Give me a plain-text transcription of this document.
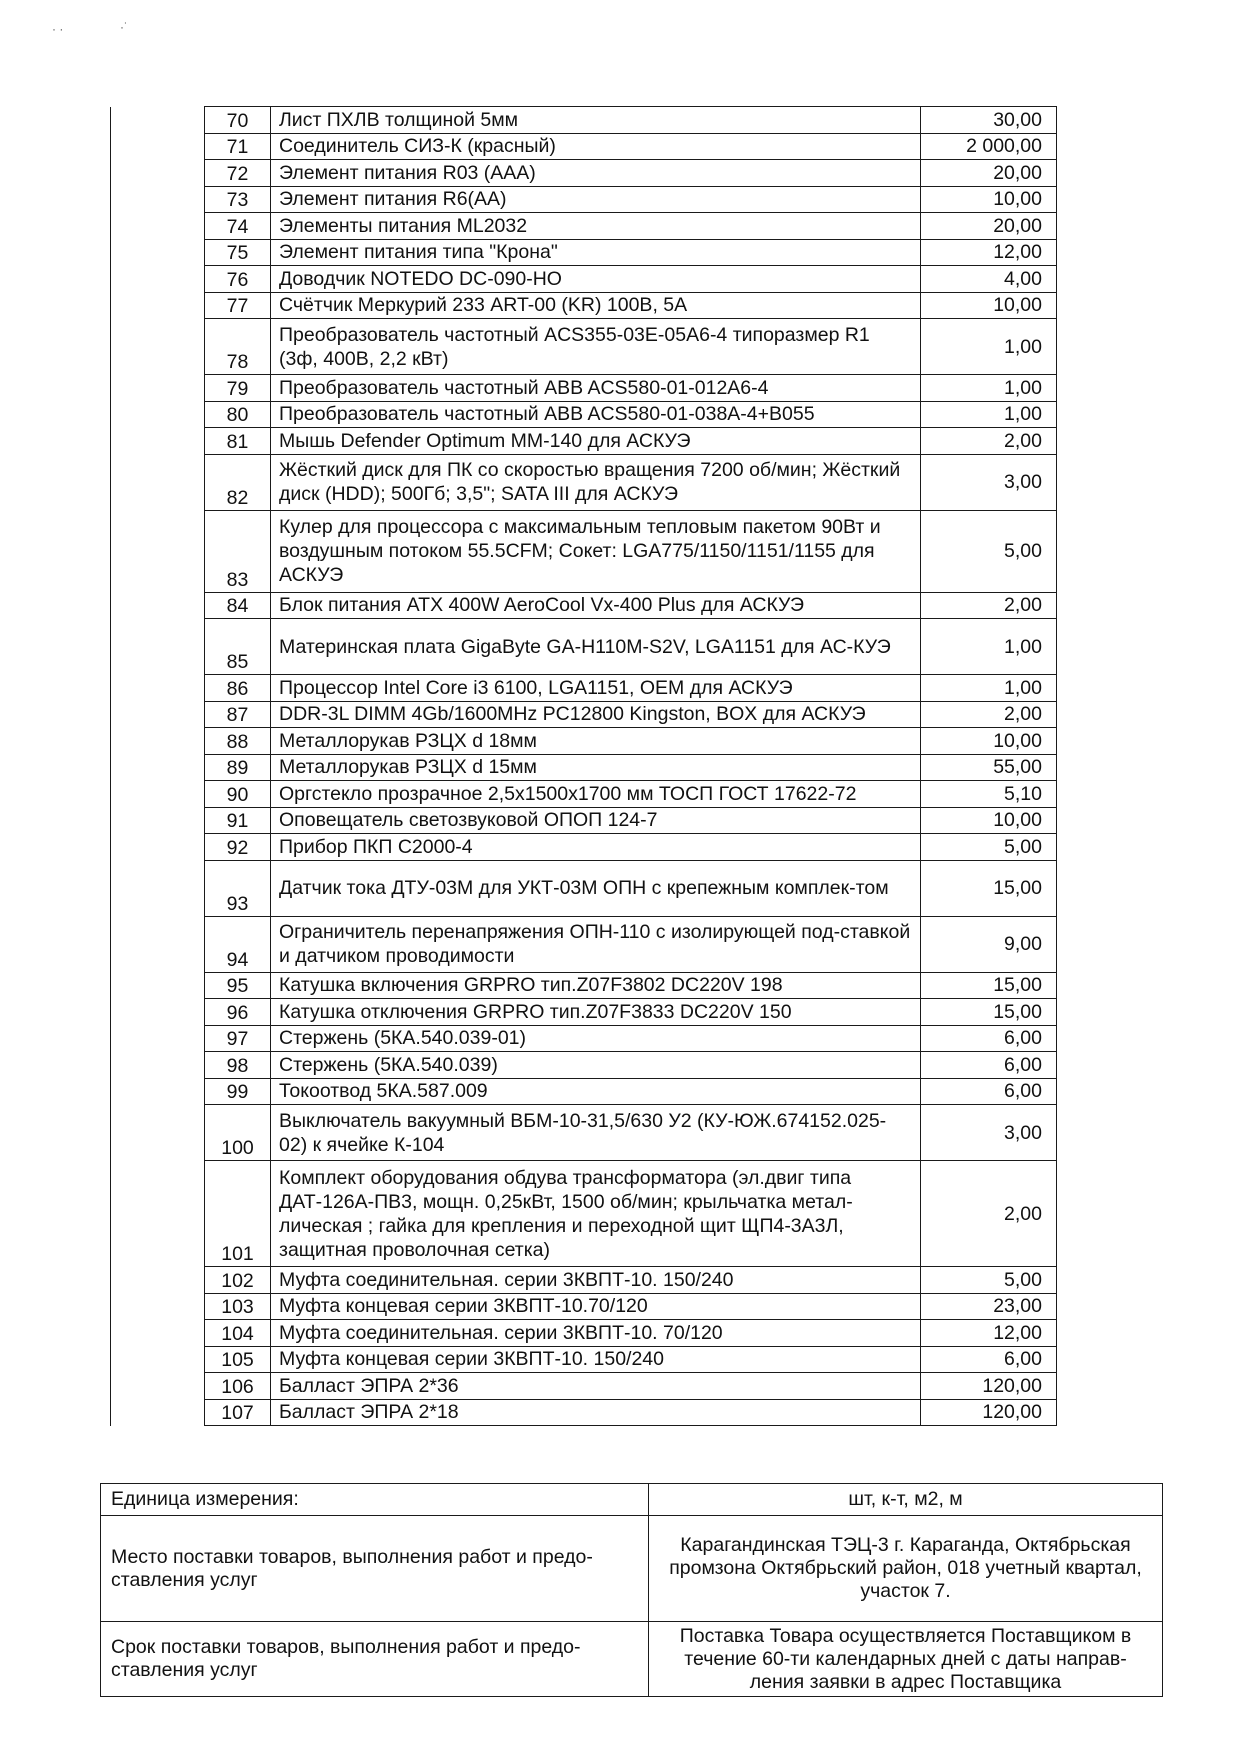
· ·	·˙
	70	Лист ПХЛВ толщиной 5мм	30,00	
	71	Соединитель СИЗ-К (красный)	2 000,00	
	72	Элемент питания R03 (ААА)	20,00	
	73	Элемент питания R6(АА)	10,00	
	74	Элементы питания ML2032	20,00	
	75	Элемент питания типа "Крона"	12,00	
	76	Доводчик NOTEDO DC-090-НО	4,00	
	77	Счётчик Меркурий 233 ART-00 (KR) 100В, 5А	10,00	
	78	Преобразователь частотный ACS355-03E-05A6-4 типоразмер R1 (3ф, 400В, 2,2 кВт)	1,00	
	79	Преобразователь частотный ABB ACS580-01-012A6-4	1,00	
	80	Преобразователь частотный ABB ACS580-01-038A-4+B055	1,00	
	81	Мышь Defender Optimum MM-140 для АСКУЭ	2,00	
	82	Жёсткий диск для ПК со скоростью вращения 7200 об/мин; Жёсткий диск (HDD); 500Гб; 3,5"; SATA III для АСКУЭ	3,00	
	83	Кулер для процессора с максимальным тепловым пакетом 90Вт и воздушным потоком 55.5CFM; Сокет: LGA775/1150/1151/1155 для АСКУЭ	5,00	
	84	Блок питания ATX 400W AeroCool Vx-400 Plus для АСКУЭ	2,00	
	85	Материнская плата GigaByte GA-H110M-S2V, LGA1151 для АС-КУЭ	1,00	
	86	Процессор Intel Core i3 6100, LGA1151, OEM для АСКУЭ	1,00	
	87	DDR-3L DIMM 4Gb/1600MHz PC12800 Kingston, BOX для АСКУЭ	2,00	
	88	Металлорукав РЗЦХ d 18мм	10,00	
	89	Металлорукав РЗЦХ d 15мм	55,00	
	90	Оргстекло прозрачное 2,5х1500х1700 мм ТОСП ГОСТ 17622-72	5,10	
	91	Оповещатель светозвуковой ОПОП 124-7	10,00	
	92	Прибор ПКП С2000-4	5,00	
	93	Датчик тока ДТУ-03М для УКТ-03М ОПН с крепежным комплек-том	15,00	
	94	Ограничитель перенапряжения ОПН-110 с изолирующей под-ставкой и датчиком проводимости	9,00	
	95	Катушка включения GRPRO тип.Z07F3802 DC220V 198	15,00	
	96	Катушка отключения GRPRO тип.Z07F3833 DC220V 150	15,00	
	97	Стержень (5КА.540.039-01)	6,00	
	98	Стержень (5КА.540.039)	6,00	
	99	Токоотвод 5КА.587.009	6,00	
	100	Выключатель вакуумный ВБМ-10-31,5/630 У2 (КУ-ЮЖ.674152.025-02) к ячейке К-104	3,00	
	101	Комплект оборудования обдува трансформатора (эл.двиг типа ДАТ-126А-ПВ3, мощн. 0,25кВт, 1500 об/мин; крыльчатка метал-лическая ; гайка для крепления и переходной щит ЩП4-3А3Л, защитная проволочная сетка)	2,00	
	102	Муфта соединительная. серии 3КВПТ-10. 150/240	5,00	
	103	Муфта концевая серии 3КВПТ-10.70/120	23,00	
	104	Муфта соединительная. серии 3КВПТ-10. 70/120	12,00	
	105	Муфта концевая серии 3КВПТ-10. 150/240	6,00	
	106	Балласт ЭПРА 2*36	120,00	
	107	Балласт ЭПРА 2*18	120,00	
Единица измерения:	шт, к-т, м2, м
Место поставки товаров, выполнения работ и предо-ставления услуг	Карагандинская ТЭЦ-3 г. Караганда, Октябрьская промзона Октябрьский район, 018 учетный квартал, участок 7.
Срок поставки товаров, выполнения работ и предо-ставления услуг	Поставка Товара осуществляется Поставщиком в течение 60-ти календарных дней с даты направ-ления заявки в адрес Поставщика
